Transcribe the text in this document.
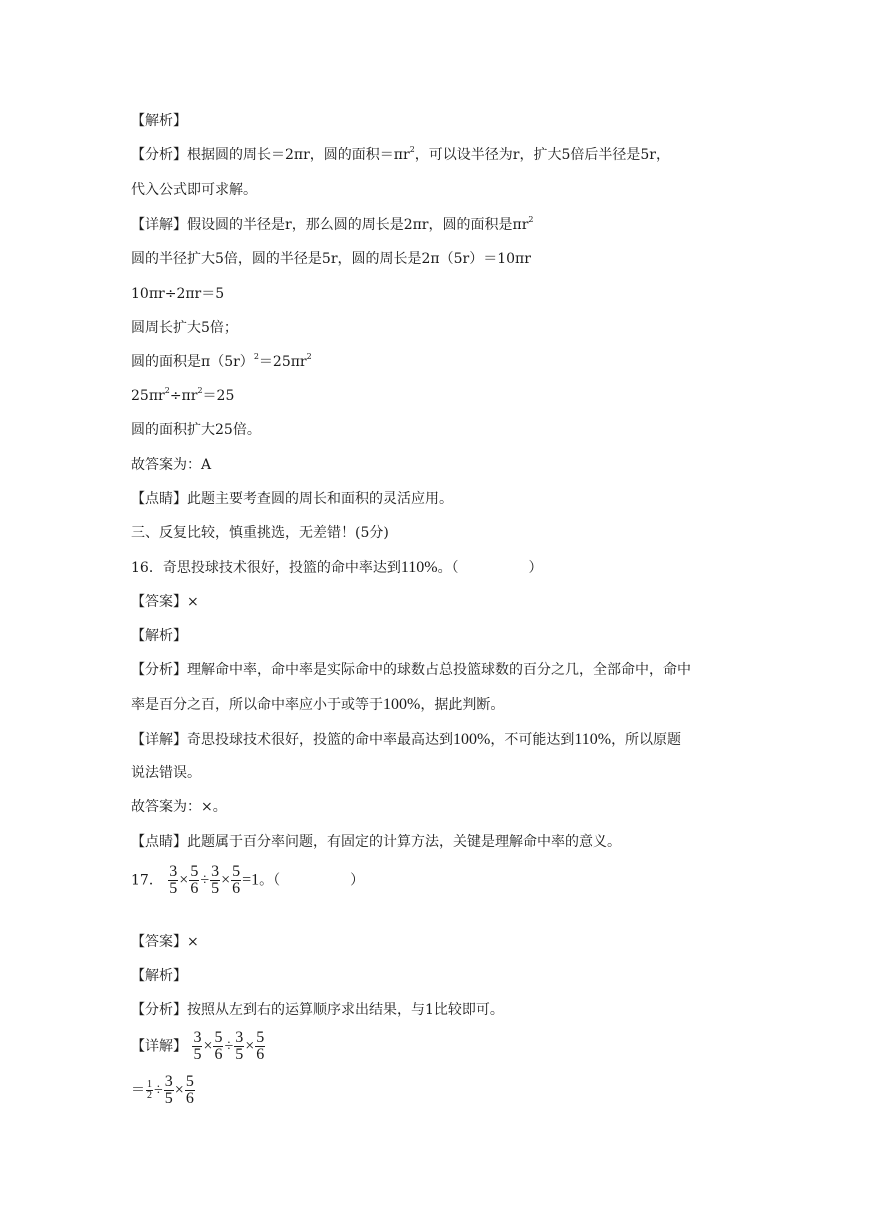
【解析】
【分析】根据圆的周长＝2πr，圆的面积$=\pi r^2$，可以设半径为r，扩大5倍后半径是5r，
代入公式即可求解。
【详解】假设圆的半径是r，那么圆的周长是2πr，圆的面积是$\pi r^2$
圆的半径扩大5倍，圆的半径是5r，圆的周长是2π（5r）＝10πr
10πr÷2πr＝5
圆周长扩大5倍；
圆的面积是$\pi(5r)^2=25\pi r^2$
$25\pi r^2\div\pi r^2=25$
圆的面积扩大25倍。
故答案为：A
【点睛】此题主要考查圆的周长和面积的灵活应用。
三、反复比较，慎重挑选，无差错！(5分)
16．奇思投球技术很好，投篮的命中率达到110%。（　　　　　）
【答案】×
【解析】
【分析】理解命中率，命中率是实际命中的球数占总投篮球数的百分之几，全部命中，命中
率是百分之百，所以命中率应小于或等于100%，据此判断。
【详解】奇思投球技术很好，投篮的命中率最高达到100%，不可能达到110%，所以原题
说法错误。
故答案为：×。
【点睛】此题属于百分率问题，有固定的计算方法，关键是理解命中率的意义。
17． $\frac{3}{5} \times \frac{5}{6} \div \frac{3}{5} \times \frac{5}{6} =1$。（　　　　　）
【答案】×
【解析】
【分析】按照从左到右的运算顺序求出结果，与1比较即可。
【详解】 $\frac{3}{5} \times \frac{5}{6} \div \frac{3}{5} \times \frac{5}{6}$
＝ $\frac{1}{2} \div \frac{3}{5} \times \frac{5}{6}$
